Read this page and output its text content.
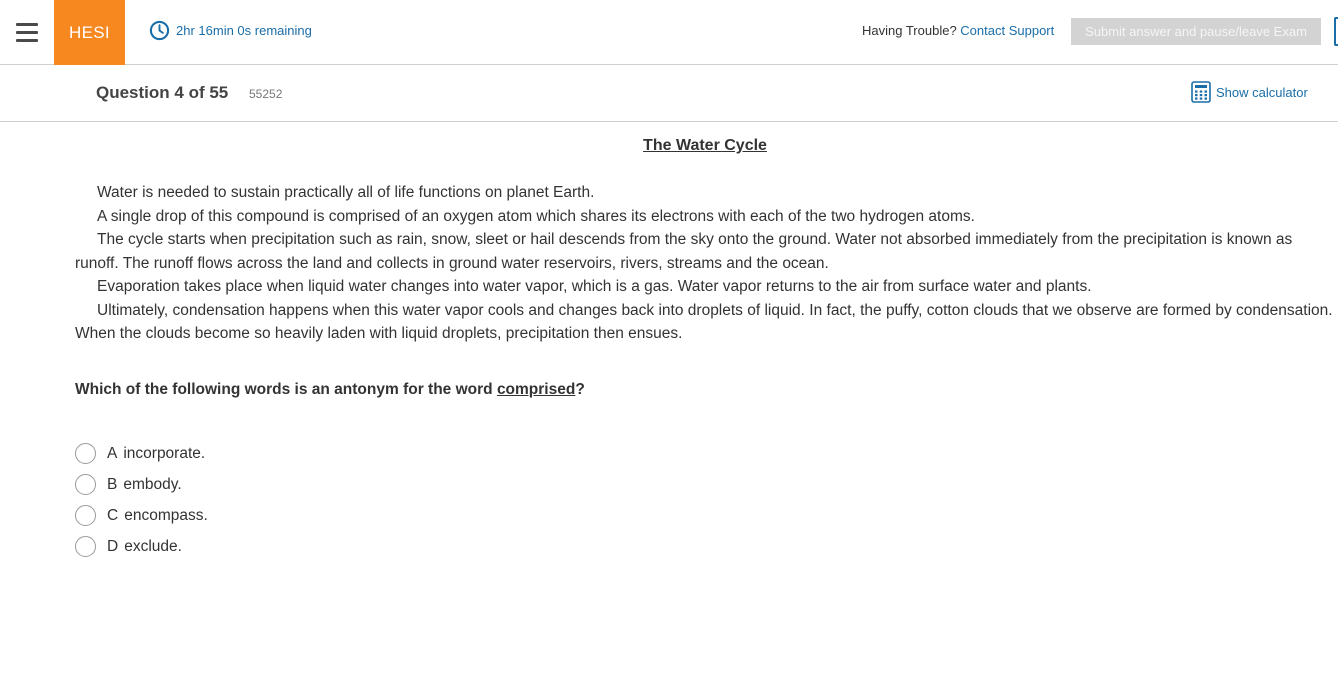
HESI	2hr 16min 0s remaining	Having Trouble? Contact Support	Submit answer and pause/leave Exam
Question 4 of 55 55252	Show calculator
The Water Cycle

Water is needed to sustain practically all of life functions on planet Earth.

A single drop of this compound is comprised of an oxygen atom which shares its electrons with each of the two hydrogen atoms.

The cycle starts when precipitation such as rain, snow, sleet or hail descends from the sky onto the ground. Water not absorbed immediately from the precipitation is known as runoff. The runoff flows across the land and collects in ground water reservoirs, rivers, streams and the ocean.

Evaporation takes place when liquid water changes into water vapor, which is a gas. Water vapor returns to the air from surface water and plants.

Ultimately, condensation happens when this water vapor cools and changes back into droplets of liquid. In fact, the puffy, cotton clouds that we observe are formed by condensation. When the clouds become so heavily laden with liquid droplets, precipitation then ensues.

Which of the following words is an antonym for the word comprised?
A incorporate.
B embody.
C encompass.
D exclude.
